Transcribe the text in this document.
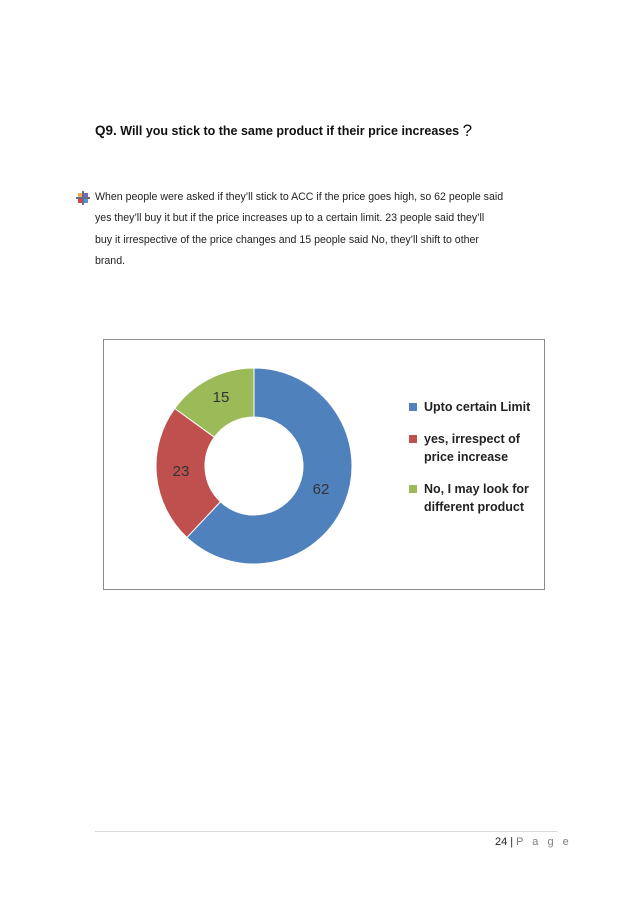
Q9. Will you stick to the same product if their price increases ?
When people were asked if they’ll stick to ACC if the price goes high, so 62 people said
yes they’ll buy it but if the price increases up to a certain limit. 23 people said they’ll
buy it irrespective of the price changes and 15 people said No, they’ll shift to other
brand.
62
23
15
Upto certain Limit
yes, irrespect of
price increase
No, I may look for
different product
24 | P a g e
